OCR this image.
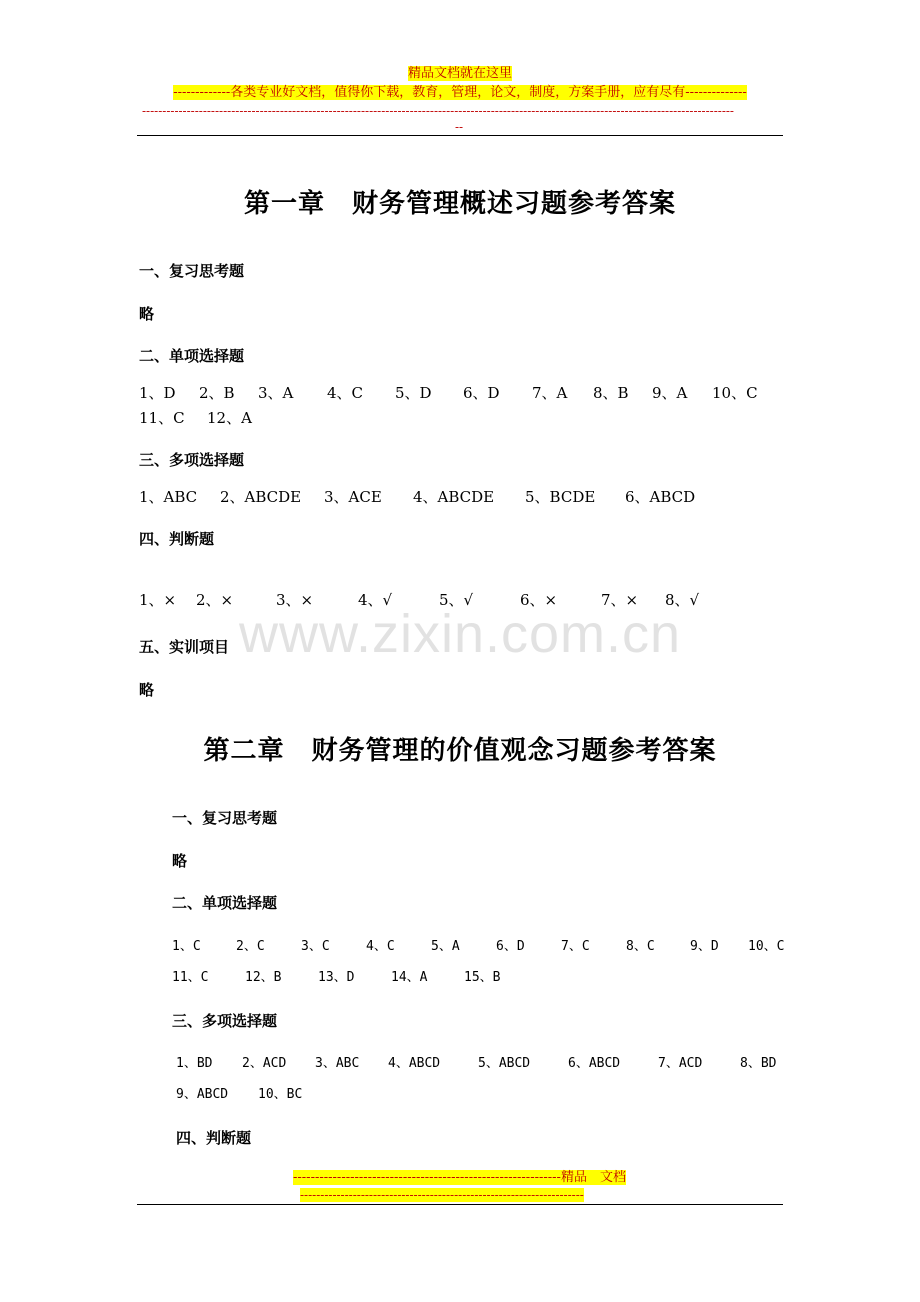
精品文档就在这里
-------------各类专业好文档，值得你下载，教育，管理，论文，制度，方案手册，应有尽有--------------
--------------------------------------------------------------------------------------------------------------------------------------------------
--
www.zixin.com.cn
第一章　财务管理概述习题参考答案
一、复习思考题
略
二、单项选择题
1、D 2、B 3、A 4、C 5、D 6、D 7、A 8、B 9、A 10、C
11、C 12、A
三、多项选择题
1、ABC 2、ABCDE 3、ACE 4、ABCDE 5、BCDE 6、ABCD
四、判断题
1、× 2、×	3、×	4、√	5、√	6、×	7、× 8、√
五、实训项目
略
第二章　财务管理的价值观念习题参考答案
一、复习思考题
略
二、单项选择题
1、C	2、C	3、C	4、C	5、A	6、D	7、C	8、C	9、D 10、C
11、C	12、B	13、D	14、A	15、B
三、多项选择题
1、BD 2、ACD 3、ABC 4、ABCD	5、ABCD	6、ABCD	7、ACD	8、BD
9、ABCD 10、BC
四、判断题
-------------------------------------------------------------精品　文档
----------------------------------------------------------------------
